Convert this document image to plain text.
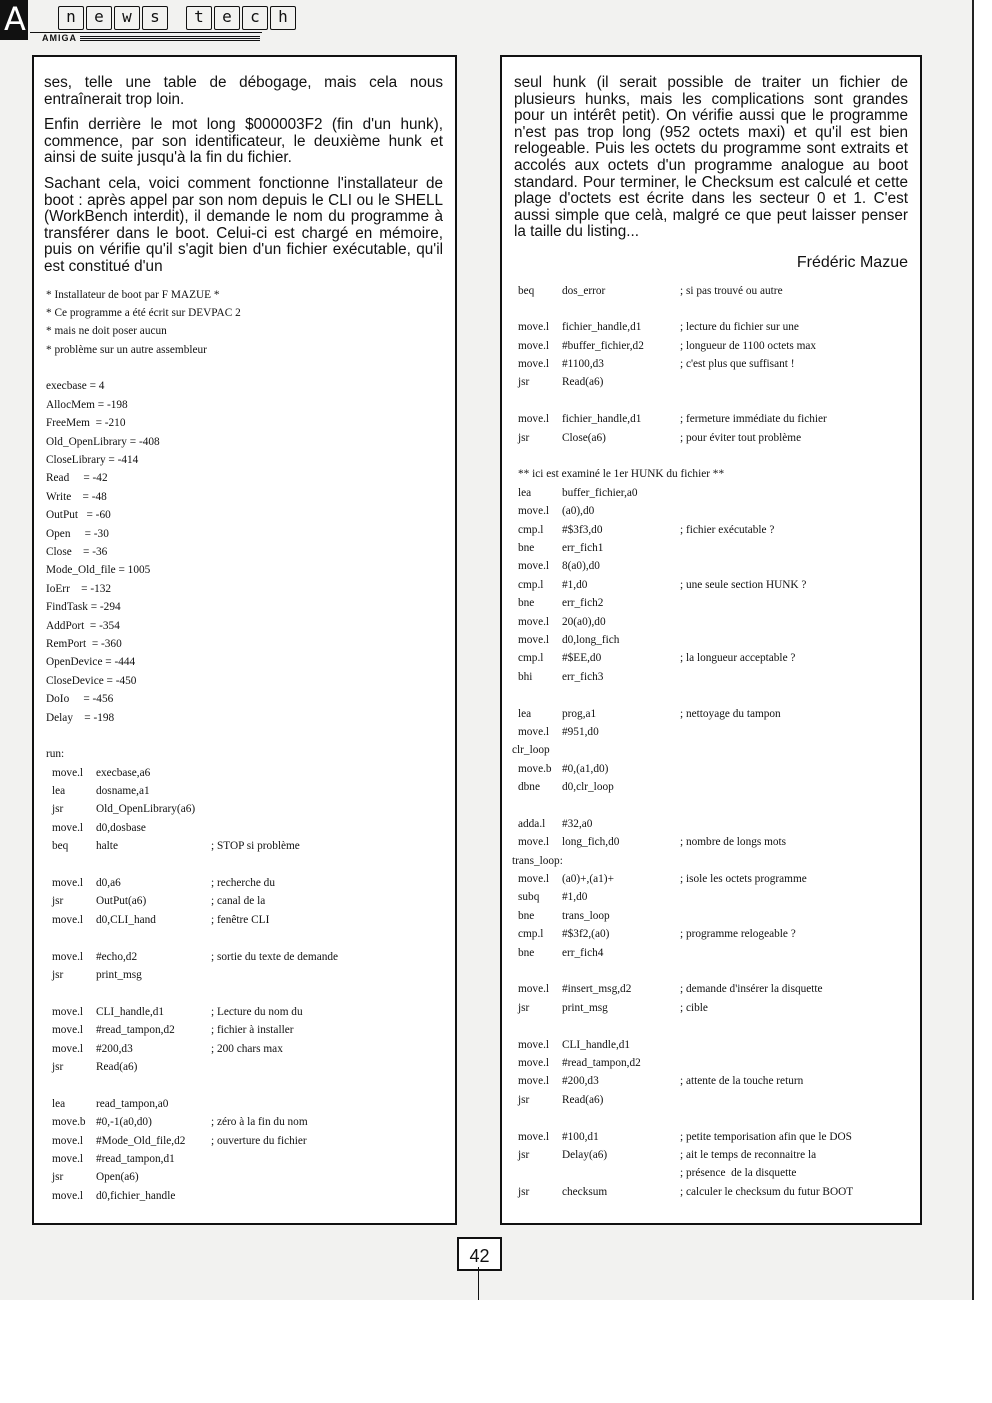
A	n	e	w	s	t	e	c	h
AMIGA

ses, telle une table de débogage, mais cela nous entraînerait trop loin.

Enfin derrière le mot long $000003F2 (fin d'un hunk), commence, par son identificateur, le deuxième hunk et ainsi de suite jusqu'à la fin du fichier.

Sachant cela, voici comment fonctionne l'installateur de boot : après appel par son nom depuis le CLI ou le SHELL (WorkBench interdit), il demande le nom du programme à transférer dans le boot. Celui-ci est chargé en mémoire, puis on vérifie qu'il s'agit bien d'un fichier exécutable, qu'il est constitué d'un

* Installateur de boot par F MAZUE *
* Ce programme a été écrit sur DEVPAC 2
* mais ne doit poser aucun
* problème sur un autre assembleur
execbase = 4
AllocMem = -198
FreeMem  = -210
Old_OpenLibrary = -408
CloseLibrary = -414
Read     = -42
Write    = -48
OutPut   = -60
Open     = -30
Close    = -36
Mode_Old_file = 1005
IoErr    = -132
FindTask = -294
AddPort  = -354
RemPort  = -360
OpenDevice = -444
CloseDevice = -450
DoIo     = -456
Delay    = -198
run:
move.l execbase,a6
lea	dosname,a1
jsr	Old_OpenLibrary(a6)
move.l d0,dosbase
beq halte	; STOP si problème
move.l d0,a6	; recherche du
jsr	OutPut(a6)	; canal de la
move.l d0,CLI_hand	; fenêtre CLI
move.l #echo,d2	; sortie du texte de demande
jsr	print_msg
move.l CLI_handle,d1	; Lecture du nom du
move.l #read_tampon,d2	; fichier à installer
move.l #200,d3	; 200 chars max
jsr	Read(a6)
lea	read_tampon,a0
move.b #0,-1(a0,d0)	; zéro à la fin du nom
move.l #Mode_Old_file,d2 ; ouverture du fichier
move.l #read_tampon,d1
jsr	Open(a6)
move.l d0,fichier_handle

seul hunk (il serait possible de traiter un fichier de plusieurs hunks, mais les complications sont grandes pour un intérêt petit). On vérifie aussi que le programme n'est pas trop long (952 octets maxi) et qu'il est bien relogeable. Puis les octets du programme sont extraits et accolés aux octets d'un programme analogue au boot standard. Pour terminer, le Checksum est calculé et cette plage d'octets est écrite dans les secteur 0 et 1. C'est aussi simple que celà, malgré ce que peut laisser penser la taille du listing...

Frédéric Mazue
beq dos_error	; si pas trouvé ou autre
move.l fichier_handle,d1	; lecture du fichier sur une
move.l #buffer_fichier,d2	; longueur de 1100 octets max
move.l #1100,d3	; c'est plus que suffisant !
jsr	Read(a6)
move.l fichier_handle,d1	; fermeture immédiate du fichier
jsr	Close(a6)	; pour éviter tout problème
** ici est examiné le 1er HUNK du fichier **
lea	buffer_fichier,a0
move.l (a0),d0
cmp.l #$3f3,d0	; fichier exécutable ?
bne err_fich1
move.l 8(a0),d0
cmp.l #1,d0	; une seule section HUNK ?
bne err_fich2
move.l 20(a0),d0
move.l d0,long_fich
cmp.l #$EE,d0	; la longueur acceptable ?
bhi	err_fich3
lea	prog,a1	; nettoyage du tampon
move.l #951,d0
clr_loop
move.b #0,(a1,d0)
dbne d0,clr_loop
adda.l #32,a0
move.l long_fich,d0	; nombre de longs mots
trans_loop:
move.l (a0)+,(a1)+	; isole les octets programme
subq #1,d0
bne trans_loop
cmp.l #$3f2,(a0)	; programme relogeable ?
bne err_fich4
move.l #insert_msg,d2	; demande d'insérer la disquette
jsr	print_msg	; cible
move.l CLI_handle,d1
move.l #read_tampon,d2
move.l #200,d3	; attente de la touche return
jsr	Read(a6)
move.l #100,d1	; petite temporisation afin que le DOS
jsr	Delay(a6)	; ait le temps de reconnaitre la
; présence  de la disquette
jsr	checksum	; calculer le checksum du futur BOOT
42
